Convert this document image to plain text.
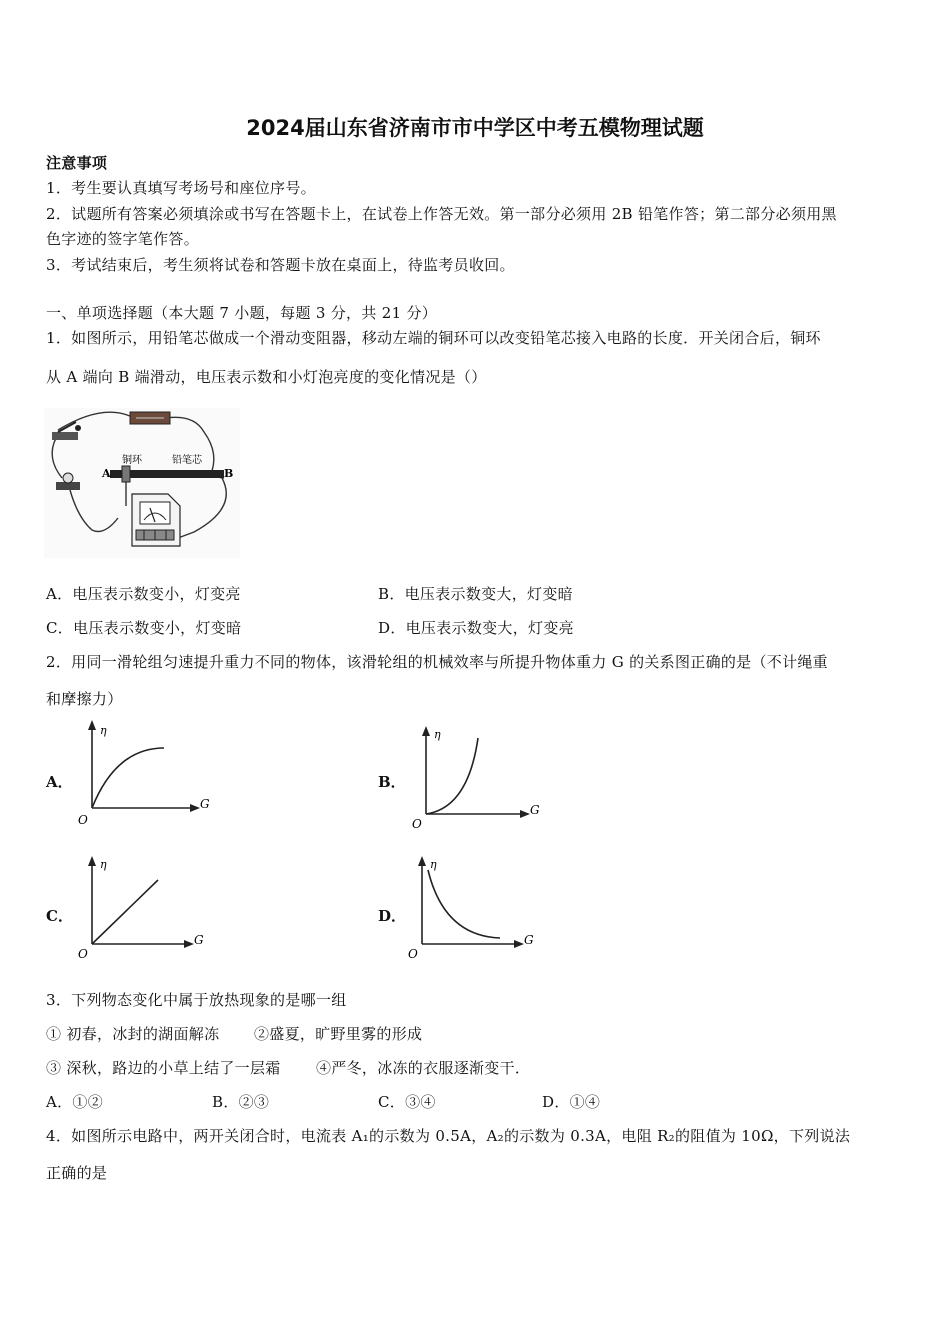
2024届山东省济南市市中学区中考五模物理试题
注意事项
1．考生要认真填写考场号和座位序号。
2．试题所有答案必须填涂或书写在答题卡上，在试卷上作答无效。第一部分必须用 2B 铅笔作答；第二部分必须用黑
色字迹的签字笔作答。
3．考试结束后，考生须将试卷和答题卡放在桌面上，待监考员收回。
一、单项选择题（本大题 7 小题，每题 3 分，共 21 分）
1．如图所示，用铅笔芯做成一个滑动变阻器，移动左端的铜环可以改变铅笔芯接入电路的长度．开关闭合后，铜环
从 A 端向 B 端滑动，电压表示数和小灯泡亮度的变化情况是（）
A	B
铜环	铅笔芯
A．电压表示数变小，灯变亮	B．电压表示数变大，灯变暗
C．电压表示数变小，灯变暗	D．电压表示数变大，灯变亮
2．用同一滑轮组匀速提升重力不同的物体，该滑轮组的机械效率与所提升物体重力 G 的关系图正确的是（不计绳重
和摩擦力）
A．
η
G
O
B．
η
G
O
C．
η
G
O
D．
η
G
O
3．下列物态变化中属于放热现象的是哪一组
① 初春，冰封的湖面解冻 ②盛夏，旷野里雾的形成
③ 深秋，路边的小草上结了一层霜 ④严冬，冰冻的衣服逐渐变干．
A．①②	B．②③	C．③④	D．①④
4．如图所示电路中，两开关闭合时，电流表 A₁的示数为 0.5A，A₂的示数为 0.3A，电阻 R₂的阻值为 10Ω，下列说法
正确的是
